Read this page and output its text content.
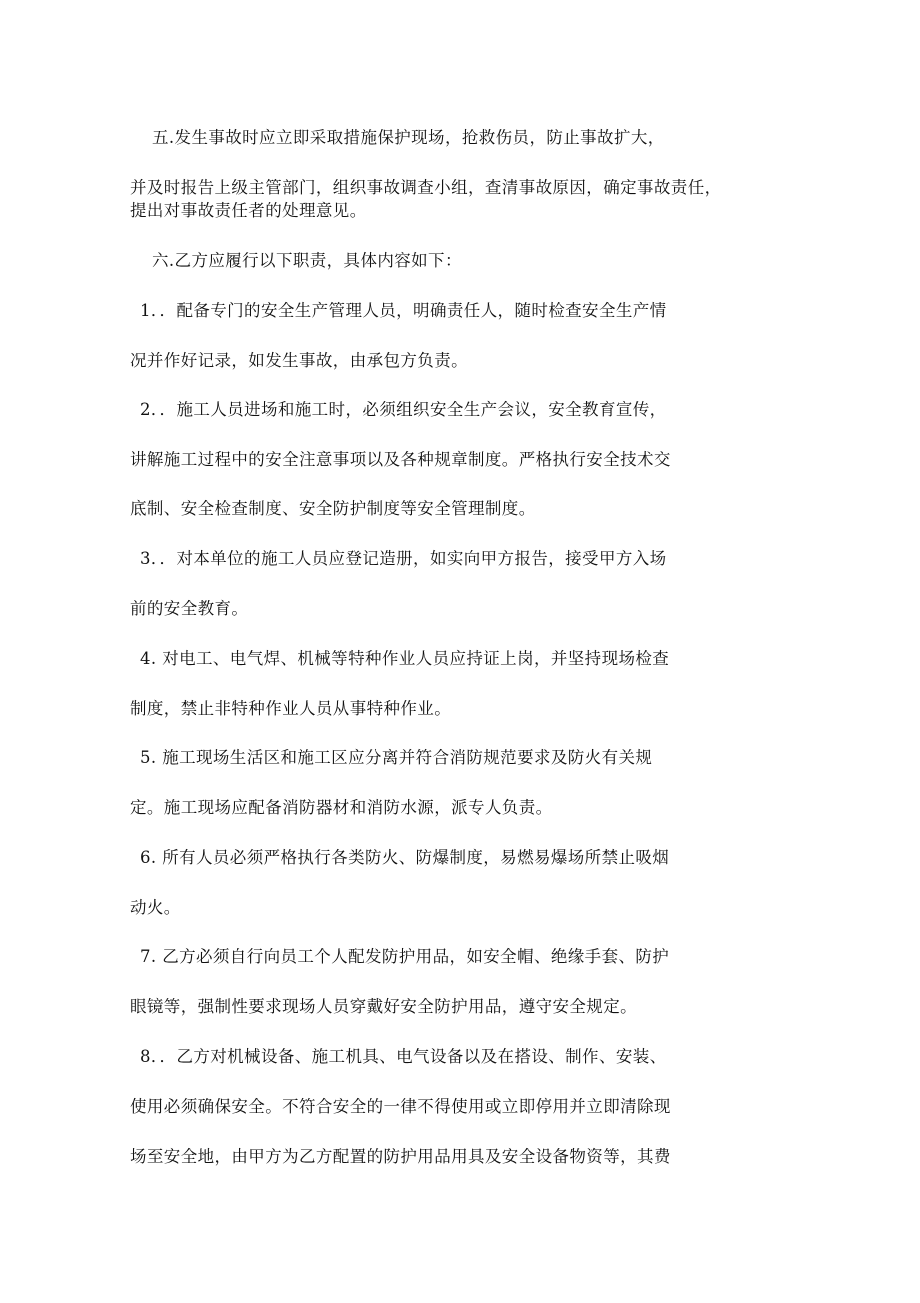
五.发生事故时应立即采取措施保护现场，抢救伤员，防止事故扩大，
并及时报告上级主管部门，组织事故调查小组，查清事故原因，确定事故责任，
提出对事故责任者的处理意见。
六.乙方应履行以下职责，具体内容如下：
1．．配备专门的安全生产管理人员，明确责任人，随时检查安全生产情
况并作好记录，如发生事故，由承包方负责。
2．．施工人员进场和施工时，必须组织安全生产会议，安全教育宣传，
讲解施工过程中的安全注意事项以及各种规章制度。严格执行安全技术交
底制、安全检查制度、安全防护制度等安全管理制度。
3．．对本单位的施工人员应登记造册，如实向甲方报告，接受甲方入场
前的安全教育。
4. 对电工、电气焊、机械等特种作业人员应持证上岗，并坚持现场检查
制度，禁止非特种作业人员从事特种作业。
5. 施工现场生活区和施工区应分离并符合消防规范要求及防火有关规
定。施工现场应配备消防器材和消防水源，派专人负责。
6. 所有人员必须严格执行各类防火、防爆制度，易燃易爆场所禁止吸烟
动火。
7. 乙方必须自行向员工个人配发防护用品，如安全帽、绝缘手套、防护
眼镜等，强制性要求现场人员穿戴好安全防护用品，遵守安全规定。
8．．乙方对机械设备、施工机具、电气设备以及在搭设、制作、安装、
使用必须确保安全。不符合安全的一律不得使用或立即停用并立即清除现
场至安全地，由甲方为乙方配置的防护用品用具及安全设备物资等，其费
